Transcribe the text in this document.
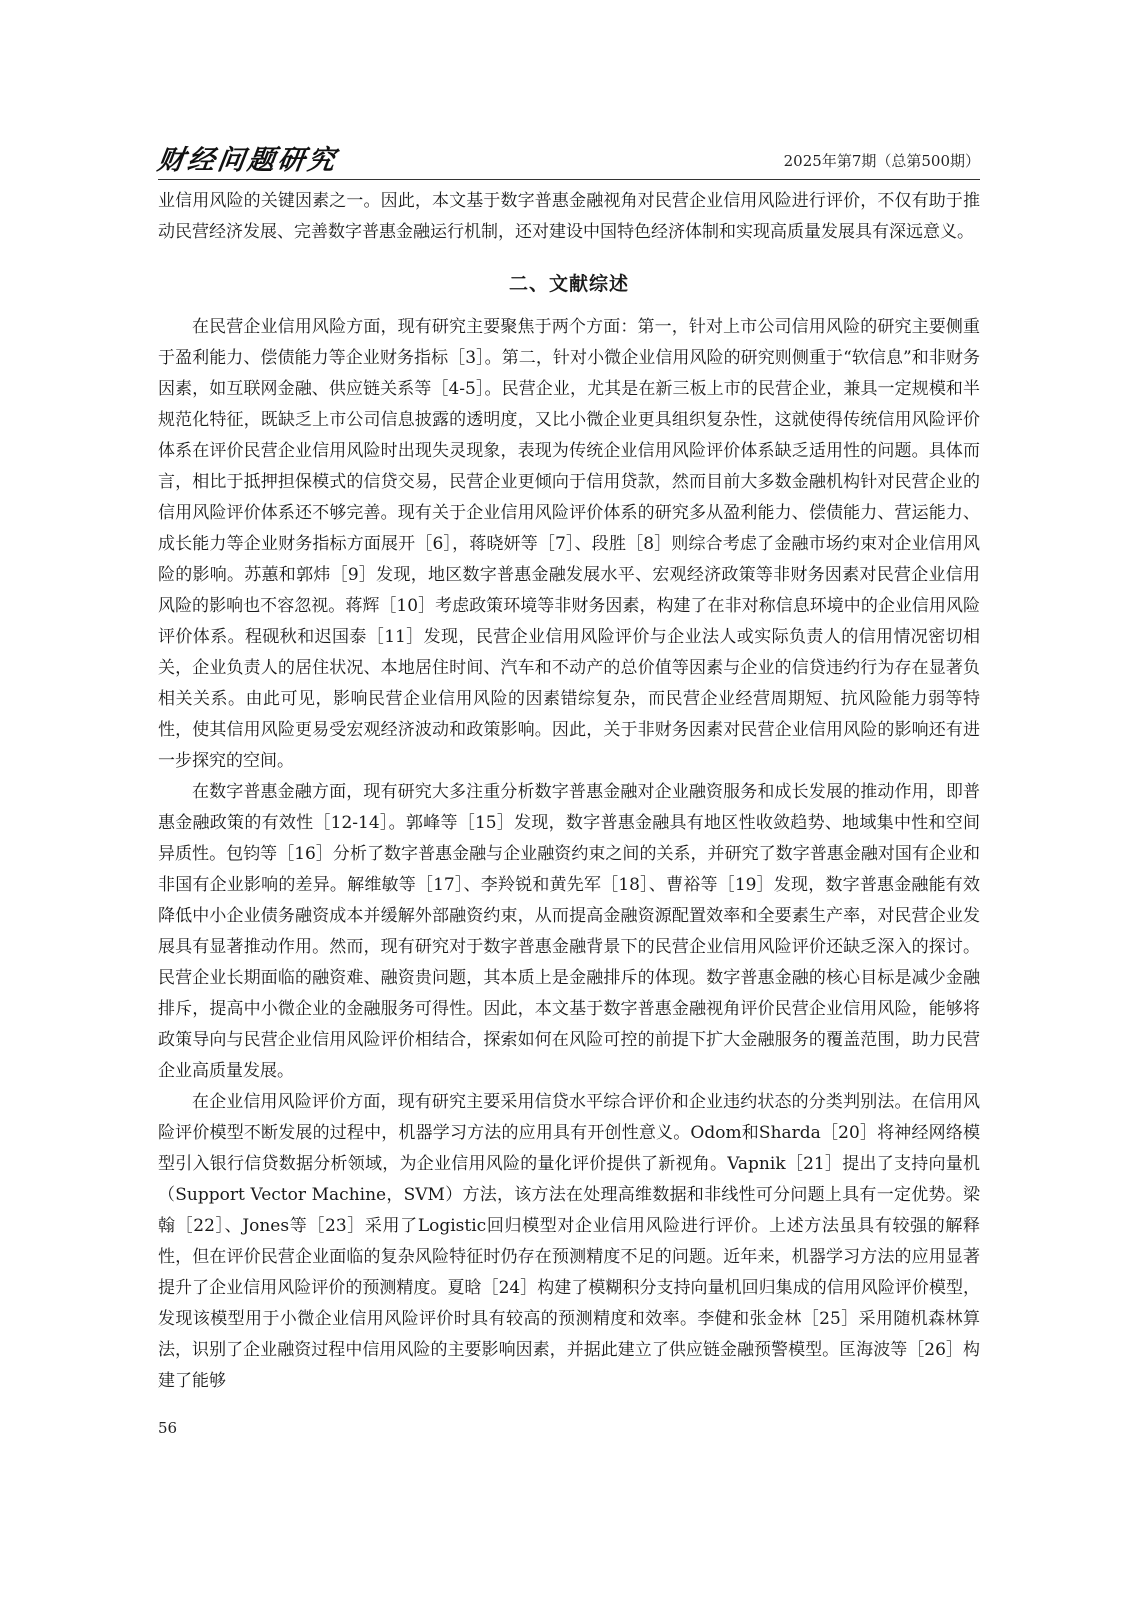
财经问题研究	2025年第7期（总第500期）

业信用风险的关键因素之一。因此，本文基于数字普惠金融视角对民营企业信用风险进行评价，不仅有助于推动民营经济发展、完善数字普惠金融运行机制，还对建设中国特色经济体制和实现高质量发展具有深远意义。

二、文献综述

在民营企业信用风险方面，现有研究主要聚焦于两个方面：第一，针对上市公司信用风险的研究主要侧重于盈利能力、偿债能力等企业财务指标［3］。第二，针对小微企业信用风险的研究则侧重于“软信息”和非财务因素，如互联网金融、供应链关系等［4-5］。民营企业，尤其是在新三板上市的民营企业，兼具一定规模和半规范化特征，既缺乏上市公司信息披露的透明度，又比小微企业更具组织复杂性，这就使得传统信用风险评价体系在评价民营企业信用风险时出现失灵现象，表现为传统企业信用风险评价体系缺乏适用性的问题。具体而言，相比于抵押担保模式的信贷交易，民营企业更倾向于信用贷款，然而目前大多数金融机构针对民营企业的信用风险评价体系还不够完善。现有关于企业信用风险评价体系的研究多从盈利能力、偿债能力、营运能力、成长能力等企业财务指标方面展开［6］，蒋晓妍等［7］、段胜［8］则综合考虑了金融市场约束对企业信用风险的影响。苏蕙和郭炜［9］发现，地区数字普惠金融发展水平、宏观经济政策等非财务因素对民营企业信用风险的影响也不容忽视。蒋辉［10］考虑政策环境等非财务因素，构建了在非对称信息环境中的企业信用风险评价体系。程砚秋和迟国泰［11］发现，民营企业信用风险评价与企业法人或实际负责人的信用情况密切相关，企业负责人的居住状况、本地居住时间、汽车和不动产的总价值等因素与企业的信贷违约行为存在显著负相关关系。由此可见，影响民营企业信用风险的因素错综复杂，而民营企业经营周期短、抗风险能力弱等特性，使其信用风险更易受宏观经济波动和政策影响。因此，关于非财务因素对民营企业信用风险的影响还有进一步探究的空间。

在数字普惠金融方面，现有研究大多注重分析数字普惠金融对企业融资服务和成长发展的推动作用，即普惠金融政策的有效性［12-14］。郭峰等［15］发现，数字普惠金融具有地区性收敛趋势、地域集中性和空间异质性。包钧等［16］分析了数字普惠金融与企业融资约束之间的关系，并研究了数字普惠金融对国有企业和非国有企业影响的差异。解维敏等［17］、李羚锐和黄先军［18］、曹裕等［19］发现，数字普惠金融能有效降低中小企业债务融资成本并缓解外部融资约束，从而提高金融资源配置效率和全要素生产率，对民营企业发展具有显著推动作用。然而，现有研究对于数字普惠金融背景下的民营企业信用风险评价还缺乏深入的探讨。民营企业长期面临的融资难、融资贵问题，其本质上是金融排斥的体现。数字普惠金融的核心目标是减少金融排斥，提高中小微企业的金融服务可得性。因此，本文基于数字普惠金融视角评价民营企业信用风险，能够将政策导向与民营企业信用风险评价相结合，探索如何在风险可控的前提下扩大金融服务的覆盖范围，助力民营企业高质量发展。

在企业信用风险评价方面，现有研究主要采用信贷水平综合评价和企业违约状态的分类判别法。在信用风险评价模型不断发展的过程中，机器学习方法的应用具有开创性意义。Odom和Sharda［20］将神经网络模型引入银行信贷数据分析领域，为企业信用风险的量化评价提供了新视角。Vapnik［21］提出了支持向量机（Support Vector Machine，SVM）方法，该方法在处理高维数据和非线性可分问题上具有一定优势。梁翰［22］、Jones等［23］采用了Logistic回归模型对企业信用风险进行评价。上述方法虽具有较强的解释性，但在评价民营企业面临的复杂风险特征时仍存在预测精度不足的问题。近年来，机器学习方法的应用显著提升了企业信用风险评价的预测精度。夏晗［24］构建了模糊积分支持向量机回归集成的信用风险评价模型，发现该模型用于小微企业信用风险评价时具有较高的预测精度和效率。李健和张金林［25］采用随机森林算法，识别了企业融资过程中信用风险的主要影响因素，并据此建立了供应链金融预警模型。匡海波等［26］构建了能够

56
